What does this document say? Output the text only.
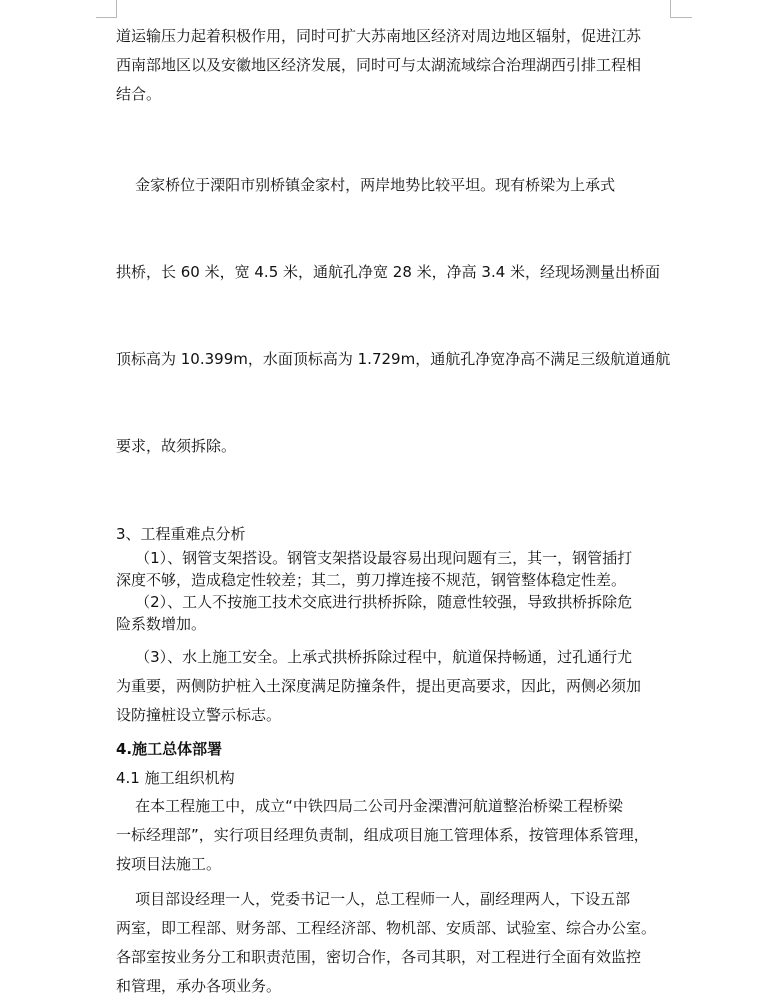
道运输压力起着积极作用，同时可扩大苏南地区经济对周边地区辐射，促进江苏
西南部地区以及安徽地区经济发展，同时可与太湖流域综合治理湖西引排工程相
结合。

金家桥位于溧阳市别桥镇金家村，两岸地势比较平坦。现有桥梁为上承式

拱桥，长 60 米，宽 4.5 米，通航孔净宽 28 米，净高 3.4 米，经现场测量出桥面

顶标高为 10.399m，水面顶标高为 1.729m，通航孔净宽净高不满足三级航道通航

要求，故须拆除。

3、工程重难点分析

（1）、钢管支架搭设。钢管支架搭设最容易出现问题有三，其一，钢管插打
深度不够，造成稳定性较差；其二，剪刀撑连接不规范，钢管整体稳定性差。
（2）、工人不按施工技术交底进行拱桥拆除，随意性较强，导致拱桥拆除危
险系数增加。

（3）、水上施工安全。上承式拱桥拆除过程中，航道保持畅通，过孔通行尤
为重要，两侧防护桩入土深度满足防撞条件，提出更高要求，因此，两侧必须加
设防撞桩设立警示标志。

4.施工总体部署

4.1 施工组织机构

在本工程施工中，成立“中铁四局二公司丹金溧漕河航道整治桥梁工程桥梁
一标经理部”，实行项目经理负责制，组成项目施工管理体系，按管理体系管理，
按项目法施工。

项目部设经理一人，党委书记一人，总工程师一人，副经理两人，下设五部
两室，即工程部、财务部、工程经济部、物机部、安质部、试验室、综合办公室。
各部室按业务分工和职责范围，密切合作，各司其职，对工程进行全面有效监控
和管理，承办各项业务。
